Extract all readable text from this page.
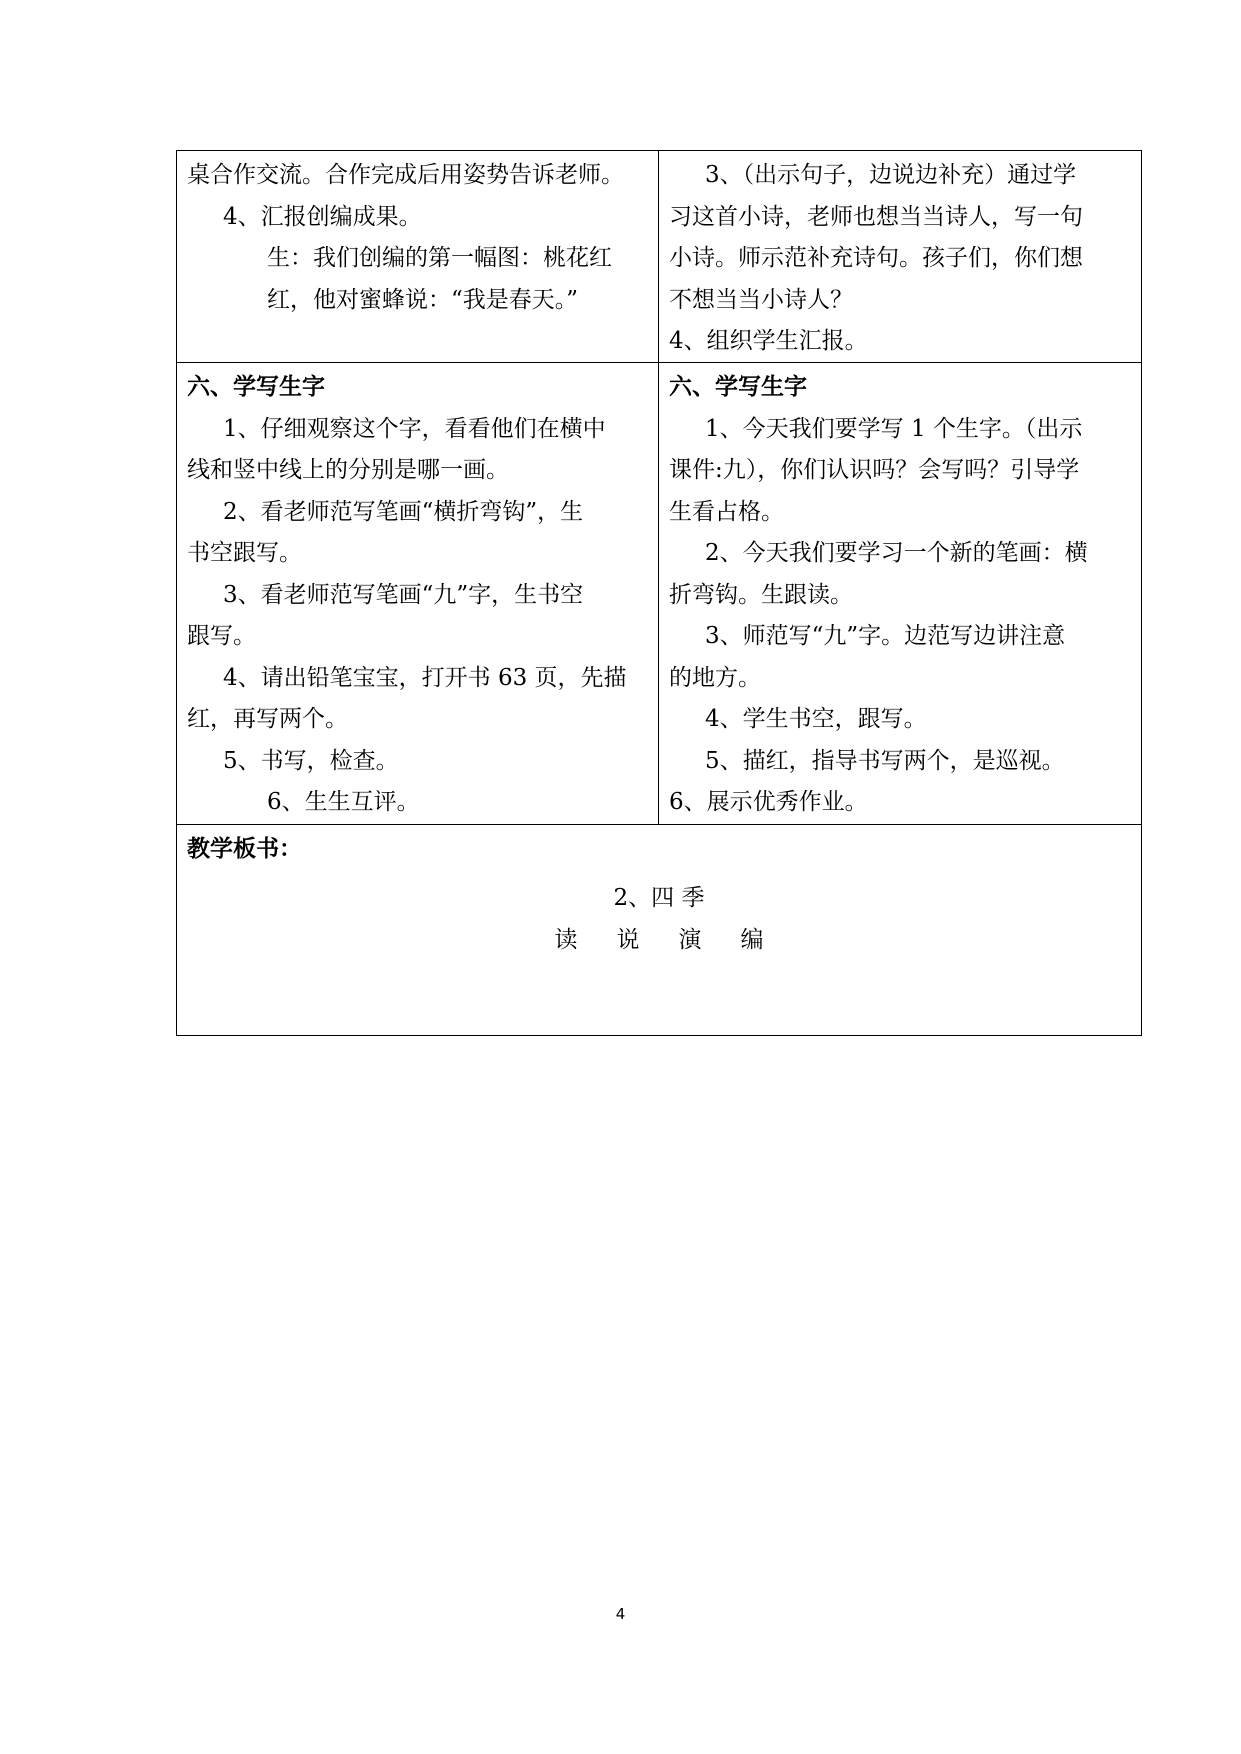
桌合作交流。合作完成后用姿势告诉老师。
4、汇报创编成果。
生：我们创编的第一幅图：桃花红
红，他对蜜蜂说：“我是春天。”
3、（出示句子，边说边补充）通过学
习这首小诗，老师也想当当诗人，写一句
小诗。师示范补充诗句。孩子们，你们想
不想当当小诗人？
4、组织学生汇报。
六、学写生字
1、仔细观察这个字，看看他们在横中
线和竖中线上的分别是哪一画。
2、看老师范写笔画“横折弯钩”，生
书空跟写。
3、看老师范写笔画“九”字，生书空
跟写。
4、请出铅笔宝宝，打开书 63 页，先描
红，再写两个。
5、书写，检查。
6、生生互评。
六、学写生字
1、今天我们要学写 1 个生字。（出示
课件:九），你们认识吗？会写吗？引导学
生看占格。
2、今天我们要学习一个新的笔画：横
折弯钩。生跟读。
3、师范写“九”字。边范写边讲注意
的地方。
4、学生书空，跟写。
5、描红，指导书写两个，是巡视。
6、展示优秀作业。
教学板书：
2、四 季
读 说 演 编
4
